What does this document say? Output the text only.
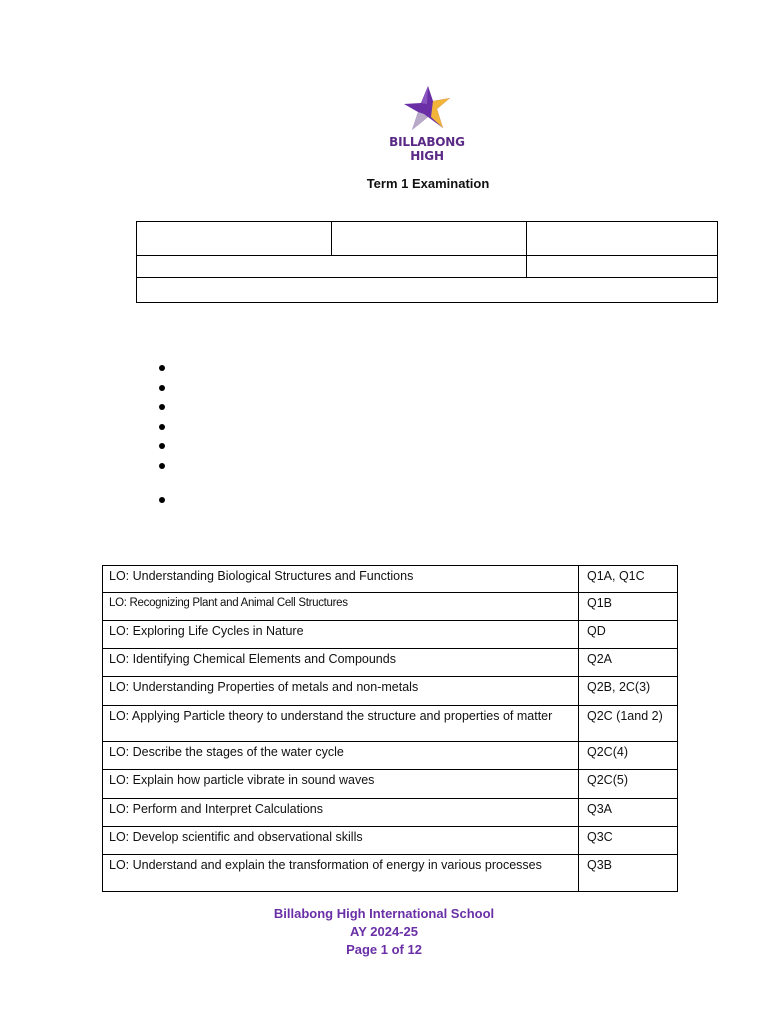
BILLABONG HIGH
Term 1 Examination

LO: Understanding Biological Structures and Functions	Q1A, Q1C
LO: Recognizing Plant and Animal Cell Structures	Q1B
LO: Exploring Life Cycles in Nature	QD
LO: Identifying Chemical Elements and Compounds	Q2A
LO: Understanding Properties of metals and non-metals	Q2B, 2C(3)
LO: Applying Particle theory to understand the structure and properties of matter	Q2C (1and 2)
LO: Describe the stages of the water cycle	Q2C(4)
LO: Explain how particle vibrate in sound waves	Q2C(5)
LO: Perform and Interpret Calculations	Q3A
LO: Develop scientific and observational skills	Q3C
LO: Understand and explain the transformation of energy in various processes	Q3B
Billabong High International School
AY 2024-25
Page 1 of 12
